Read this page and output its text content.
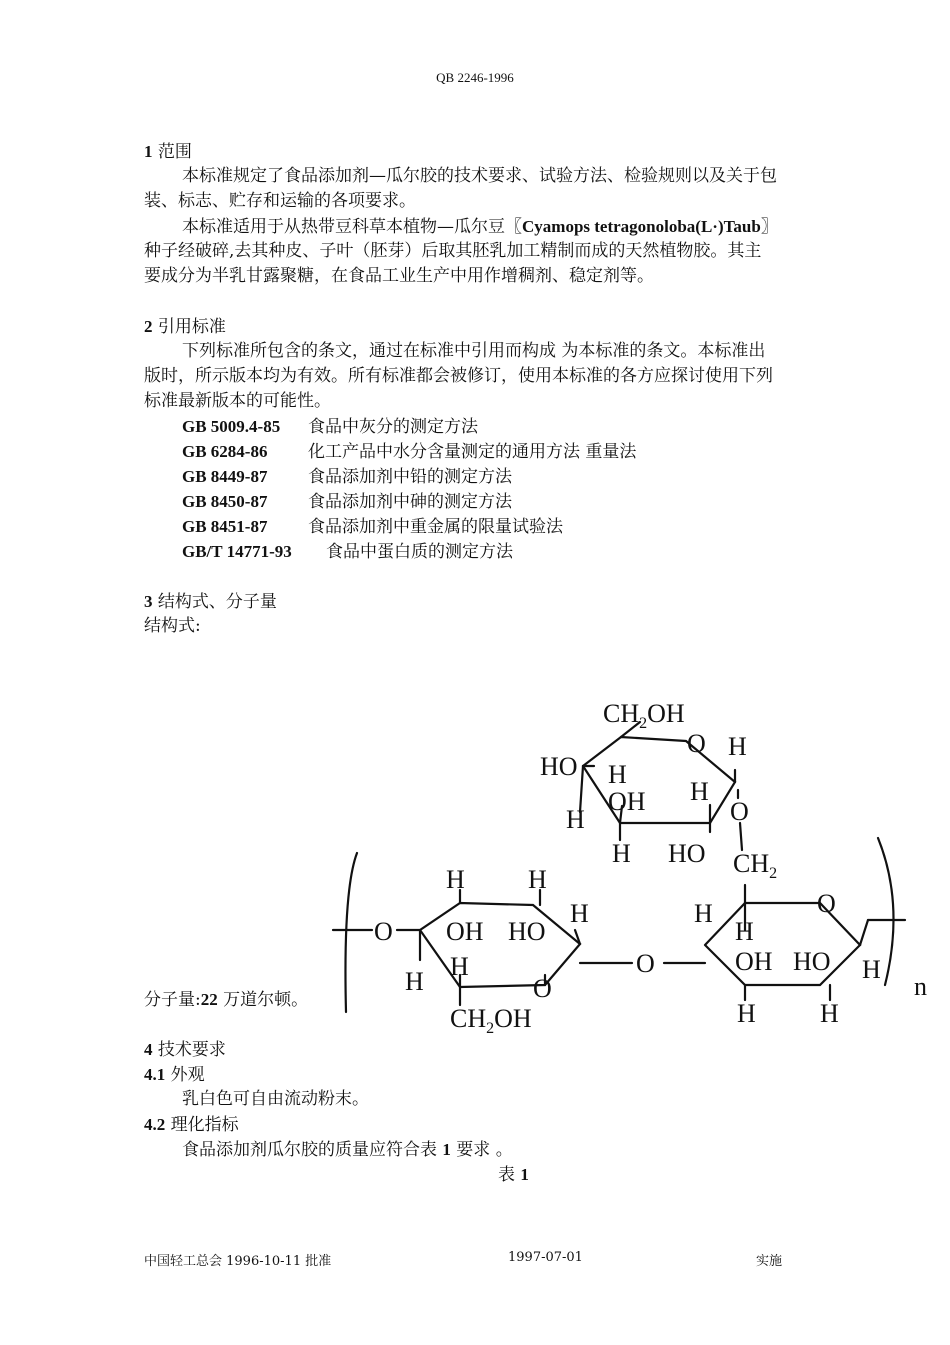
QB 2246-1996
1 范围
本标准规定了食品添加剂—瓜尔胶的技术要求、试验方法、检验规则以及关于包
装、标志、贮存和运输的各项要求。
本标准适用于从热带豆科草本植物—瓜尔豆〖Cyamops tetragonoloba(L·)Taub〗
种子经破碎,去其种皮、子叶（胚芽）后取其胚乳加工精制而成的天然植物胶。其主
要成分为半乳甘露聚糖，在食品工业生产中用作增稠剂、稳定剂等。
2 引用标准
下列标准所包含的条文，通过在标准中引用而构成 为本标准的条文。本标准出
版时，所示版本均为有效。所有标准都会被修订，使用本标准的各方应探讨使用下列
标准最新版本的可能性。
GB 5009.4-85 食品中灰分的测定方法
GB 6284-86 化工产品中水分含量测定的通用方法 重量法
GB 8449-87 食品添加剂中铅的测定方法
GB 8450-87 食品添加剂中砷的测定方法
GB 8451-87 食品添加剂中重金属的限量试验法
GB/T 14771-93 食品中蛋白质的测定方法
3 结构式、分子量
结构式:
分子量:22 万道尔顿。
$CH_2OH$
O H
HO H
OH H
O
H
H HO $CH_2$
H H
H	H	O
O OH HO	H
O	OH HO
H
H	O
H
H H
$CH_2OH$
n
4 技术要求
4.1 外观
乳白色可自由流动粉末。
4.2 理化指标
食品添加剂瓜尔胶的质量应符合表 1 要求 。
表 1
中国轻工总会 1996-10-11 批准	1997-07-01	实施
